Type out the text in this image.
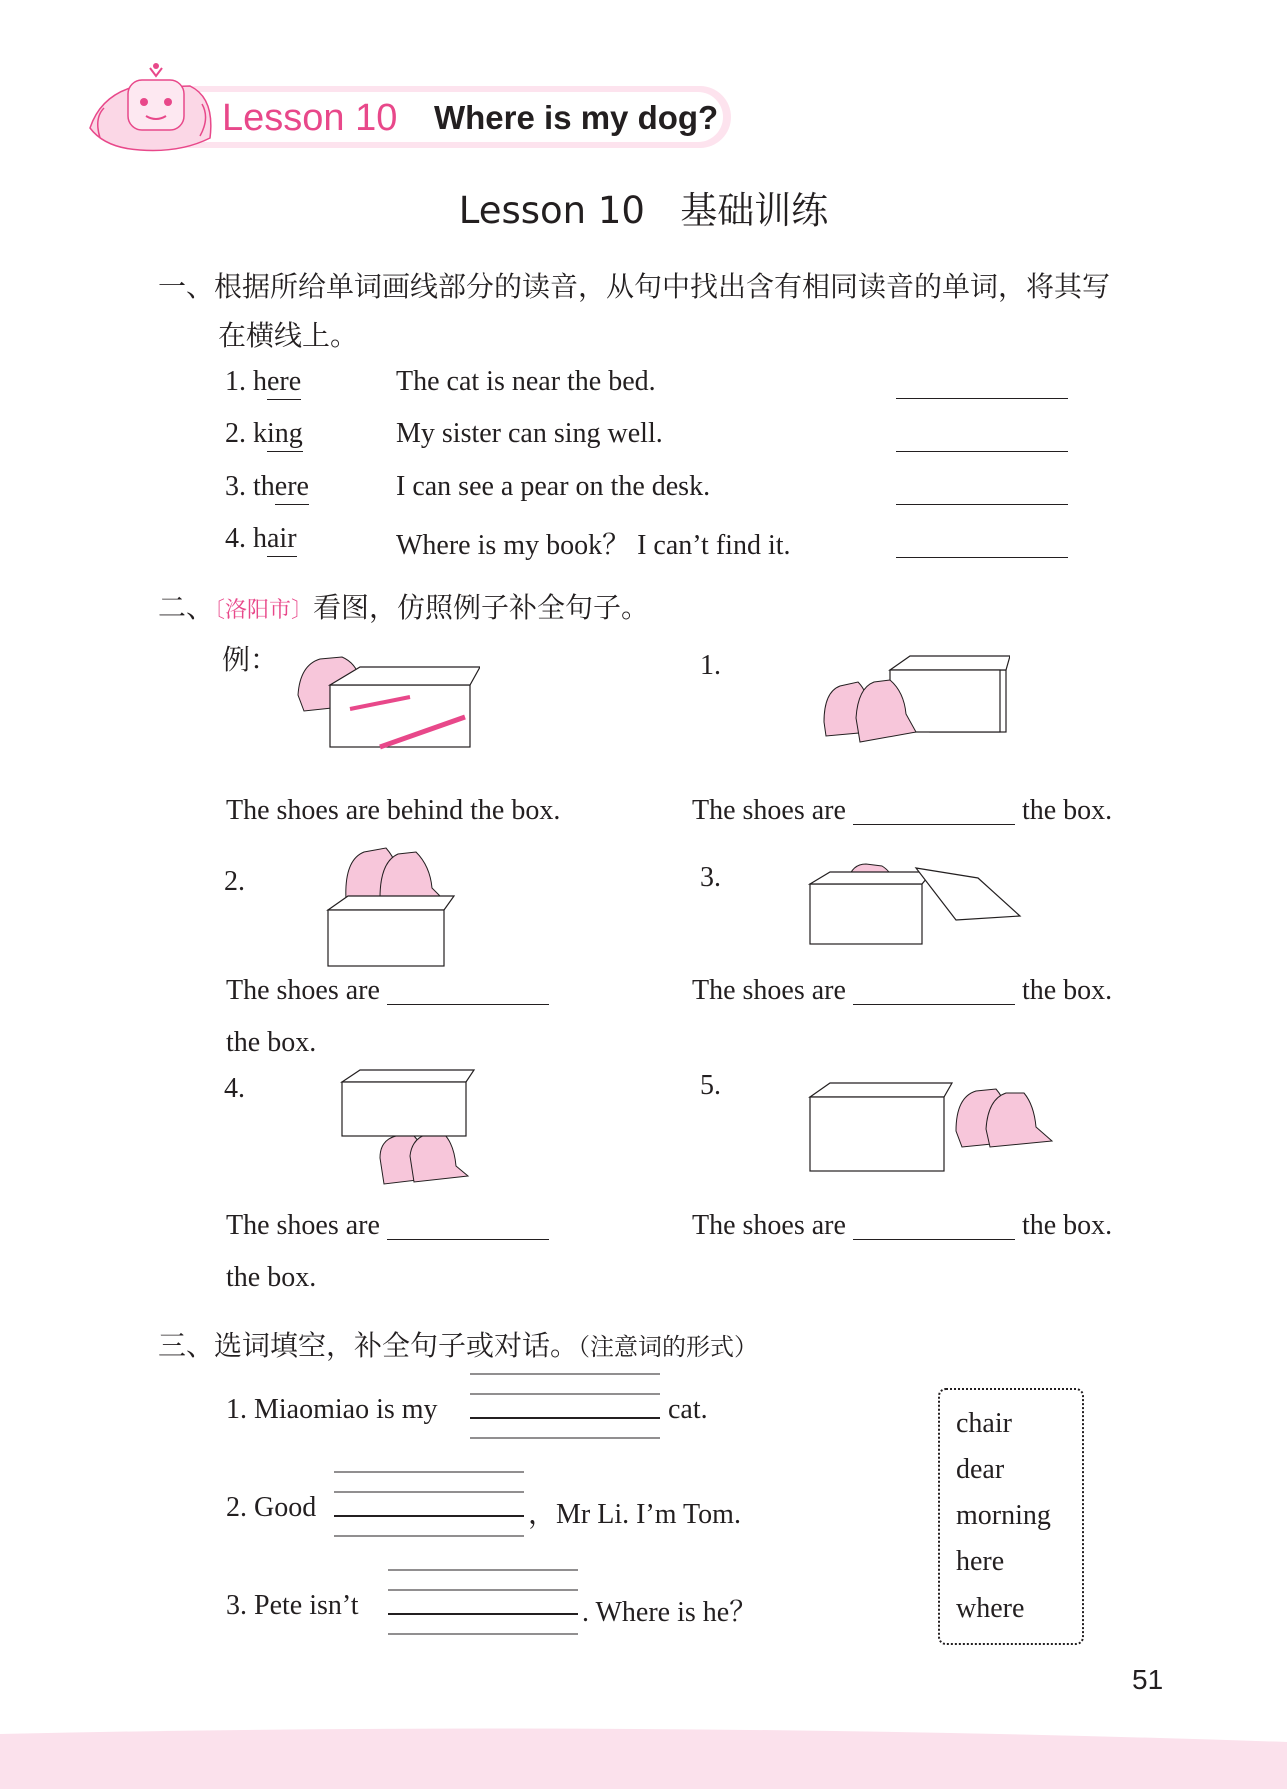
Lesson 10 Where is my dog?
Lesson 10   基础训练
一、根据所给单词画线部分的读音，从句中找出含有相同读音的单词，将其写
在横线上。
1. here	The cat is near the bed.
2. king	My sister can sing well.
3. there	I can see a pear on the desk.
4. hair	Where is my book？ I can’t find it.
二、〔洛阳市〕看图，仿照例子补全句子。
例：
The shoes are behind the box.
1.
The shoes are	the box.
2.
The shoes are
the box.
3.
The shoes are	the box.
4.
The shoes are
the box.
5.
The shoes are	the box.
三、选词填空，补全句子或对话。（注意词的形式）
1. Miaomiao is my	cat.
2. Good	，Mr Li. I’m Tom.
3. Pete isn’t	. Where is he？
chair
dear
morning
here
where
51
